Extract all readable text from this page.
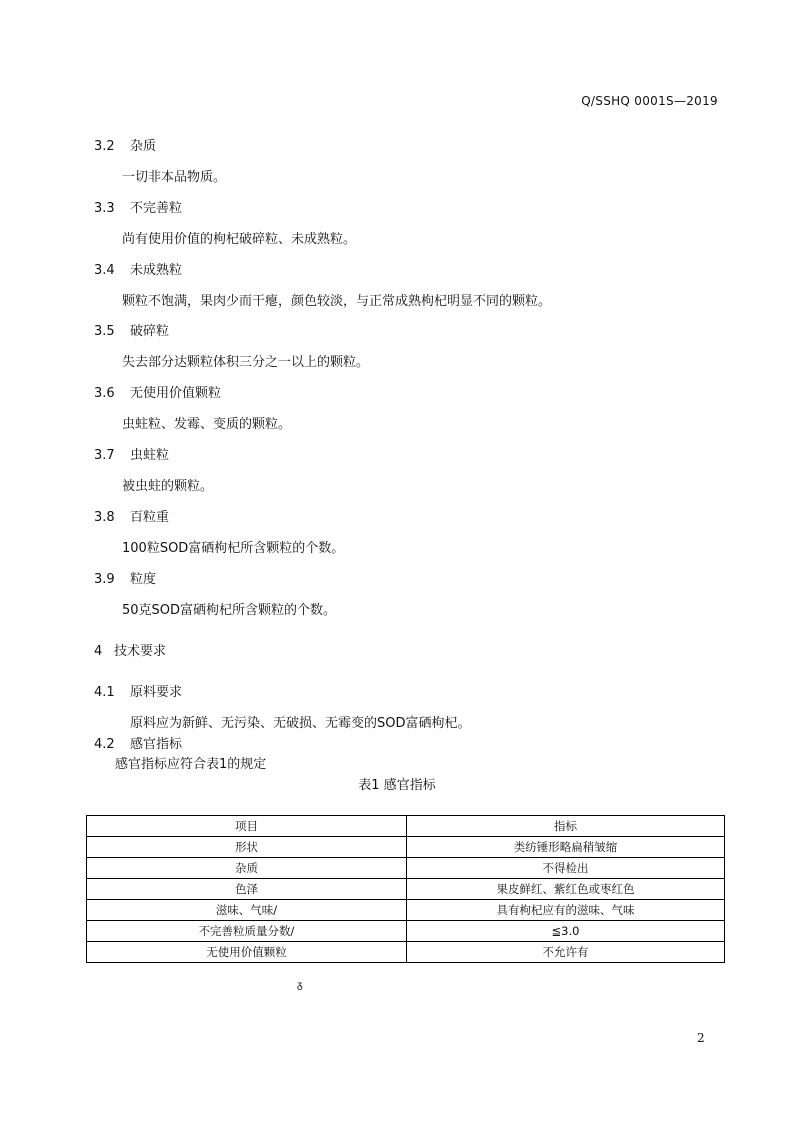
Q/SSHQ 0001S—2019
3.2 杂质
一切非本品物质。
3.3 不完善粒
尚有使用价值的枸杞破碎粒、未成熟粒。
3.4 未成熟粒
颗粒不饱满，果肉少而干瘪，颜色较淡，与正常成熟枸杞明显不同的颗粒。
3.5 破碎粒
失去部分达颗粒体积三分之一以上的颗粒。
3.6 无使用价值颗粒
虫蛀粒、发霉、变质的颗粒。
3.7 虫蛀粒
被虫蛀的颗粒。
3.8 百粒重
100粒SOD富硒枸杞所含颗粒的个数。
3.9 粒度
50克SOD富硒枸杞所含颗粒的个数。
4 技术要求
4.1 原料要求
原料应为新鲜、无污染、无破损、无霉变的SOD富硒枸杞。
4.2 感官指标
感官指标应符合表1的规定
表1 感官指标
项目	指标
形状	类纺锤形略扁稍皱缩
杂质	不得检出
色泽	果皮鲜红、紫红色或枣红色
滋味、气味/	具有枸杞应有的滋味、气味
不完善粒质量分数/	≦3.0
无使用价值颗粒	不允许有
ᵹ
2
